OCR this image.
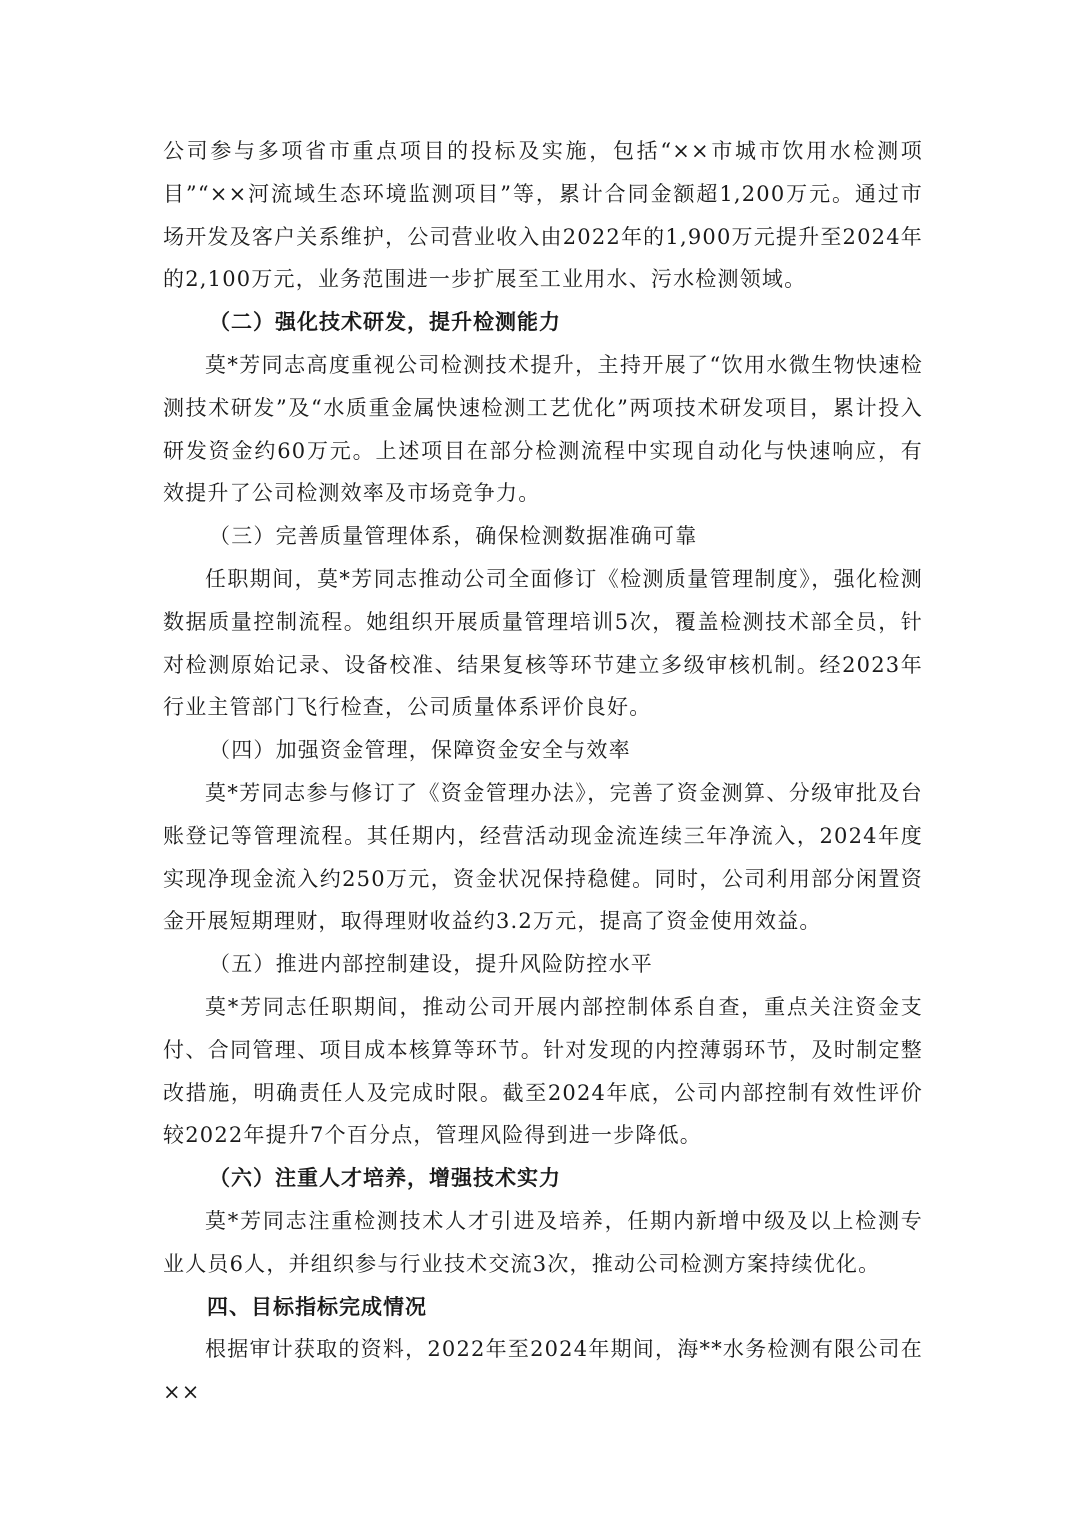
公司参与多项省市重点项目的投标及实施，包括“××市城市饮用水检测项目”“××河流域生态环境监测项目”等，累计合同金额超1,200万元。通过市场开发及客户关系维护，公司营业收入由2022年的1,900万元提升至2024年的2,100万元，业务范围进一步扩展至工业用水、污水检测领域。

（二）强化技术研发，提升检测能力

莫*芳同志高度重视公司检测技术提升，主持开展了“饮用水微生物快速检测技术研发”及“水质重金属快速检测工艺优化”两项技术研发项目，累计投入研发资金约60万元。上述项目在部分检测流程中实现自动化与快速响应，有效提升了公司检测效率及市场竞争力。

（三）完善质量管理体系，确保检测数据准确可靠

任职期间，莫*芳同志推动公司全面修订《检测质量管理制度》，强化检测数据质量控制流程。她组织开展质量管理培训5次，覆盖检测技术部全员，针对检测原始记录、设备校准、结果复核等环节建立多级审核机制。经2023年行业主管部门飞行检查，公司质量体系评价良好。

（四）加强资金管理，保障资金安全与效率

莫*芳同志参与修订了《资金管理办法》，完善了资金测算、分级审批及台账登记等管理流程。其任期内，经营活动现金流连续三年净流入，2024年度实现净现金流入约250万元，资金状况保持稳健。同时，公司利用部分闲置资金开展短期理财，取得理财收益约3.2万元，提高了资金使用效益。

（五）推进内部控制建设，提升风险防控水平

莫*芳同志任职期间，推动公司开展内部控制体系自查，重点关注资金支付、合同管理、项目成本核算等环节。针对发现的内控薄弱环节，及时制定整改措施，明确责任人及完成时限。截至2024年底，公司内部控制有效性评价较2022年提升7个百分点，管理风险得到进一步降低。

（六）注重人才培养，增强技术实力

莫*芳同志注重检测技术人才引进及培养，任期内新增中级及以上检测专业人员6人，并组织参与行业技术交流3次，推动公司检测方案持续优化。

四、目标指标完成情况

根据审计获取的资料，2022年至2024年期间，海**水务检测有限公司在××
